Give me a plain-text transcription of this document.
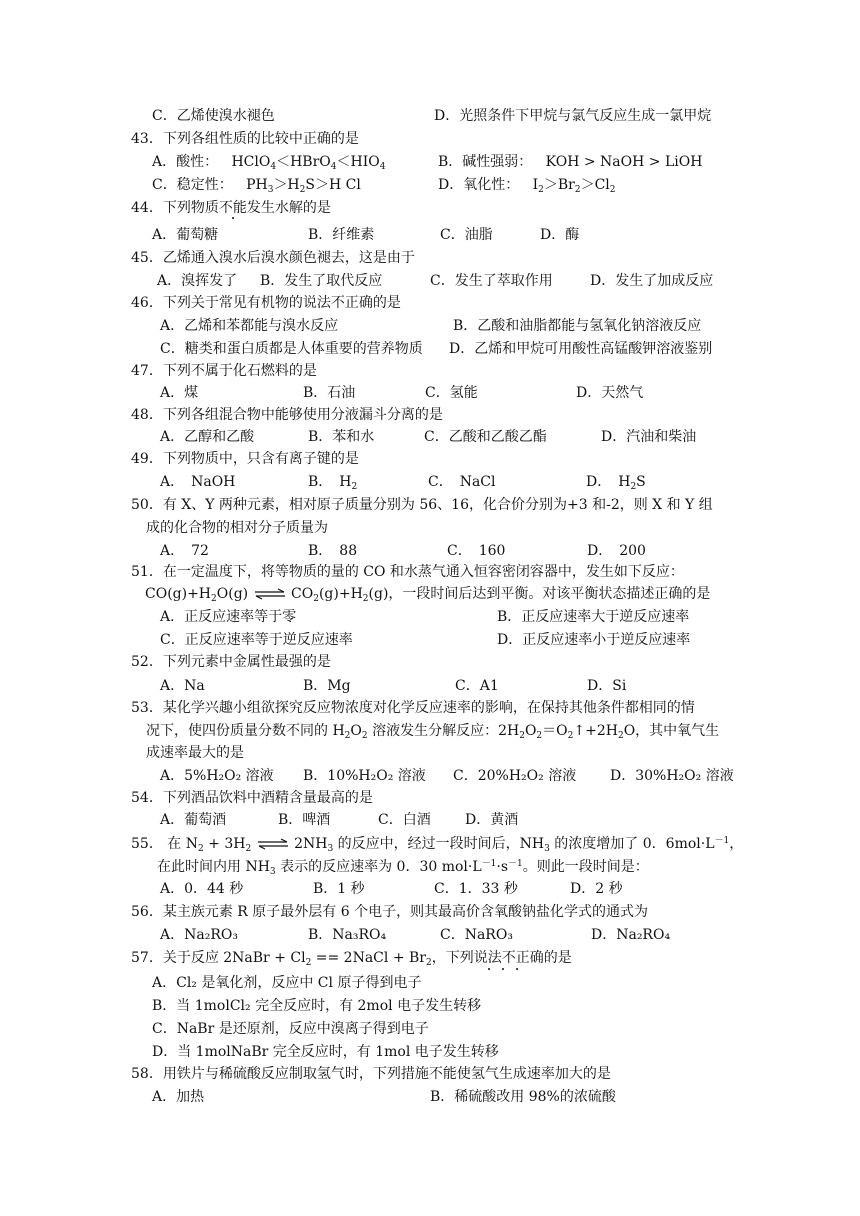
C．乙烯使溴水褪色	D．光照条件下甲烷与氯气反应生成一氯甲烷
43．下列各组性质的比较中正确的是
A．酸性：   $HClO_4<HBrO_4<HIO_4$	B．碱性强弱： KOH > NaOH > LiOH
C．稳定性：   $PH_3>H_2S>H$ Cl	D．氧化性：   $I_2>Br_2>Cl_2$
44．下列物质不能发生水解的是
A．葡萄糖	B．纤维素	C．油脂	D．酶
45．乙烯通入溴水后溴水颜色褪去，这是由于
A．溴挥发了 B．发生了取代反应	C．发生了萃取作用	D．发生了加成反应
46．下列关于常见有机物的说法不正确的是
A．乙烯和苯都能与溴水反应	B．乙酸和油脂都能与氢氧化钠溶液反应
C．糖类和蛋白质都是人体重要的营养物质 D．乙烯和甲烷可用酸性高锰酸钾溶液鉴别
47．下列不属于化石燃料的是
A．煤	B．石油	C．氢能	D．天然气
48．下列各组混合物中能够使用分液漏斗分离的是
A．乙醇和乙酸	B．苯和水	C．乙酸和乙酸乙酯	D．汽油和柴油
49．下列物质中，只含有离子键的是
A．　NaOH	B．　$H_2$	C．　NaCl	D．　$H_2S$
50．有 X、Y 两种元素，相对原子质量分别为 56、16，化合价分别为+3 和-2，则 X 和 Y 组
成的化合物的相对分子质量为
A．　72	B．　88	C．　160	D．　200
51．在一定温度下，将等物质的量的 CO 和水蒸气通入恒容密闭容器中，发生如下反应：
$CO(g)+H_2O(g)$ ⇌ $CO_2(g)+H_2(g)$，一段时间后达到平衡。对该平衡状态描述正确的是
A．正反应速率等于零	B．正反应速率大于逆反应速率
C．正反应速率等于逆反应速率	D．正反应速率小于逆反应速率
52．下列元素中金属性最强的是
A．Na	B．Mg	C．A1	D．Si
53．某化学兴趣小组欲探究反应物浓度对化学反应速率的影响，在保持其他条件都相同的情
况下，使四份质量分数不同的 $H_2O_2$ 溶液发生分解反应：$2H_2O_2=O_2↑+2H_2O$，其中氧气生
成速率最大的是
A．5%H₂O₂ 溶液 B．10%H₂O₂ 溶液 C．20%H₂O₂ 溶液 D．30%H₂O₂ 溶液
54．下列酒品饮料中酒精含量最高的是
A．葡萄酒	B．啤酒	C．白酒 D．黄酒
55． 在 $N_2 + 3H_2$ ⇌ $2NH_3$ 的反应中，经过一段时间后，$NH_3$ 的浓度增加了 0．$6mol\cdot L^{-1}$，
在此时间内用 $NH_3$ 表示的反应速率为 0．30 $mol\cdot L^{-1}\cdot s^{-1}$。则此一段时间是：
A．0．44 秒	B．1 秒	C．1．33 秒	D．2 秒
56．某主族元素 R 原子最外层有 6 个电子，则其最高价含氧酸钠盐化学式的通式为
A．Na₂RO₃	B．Na₃RO₄	C．NaRO₃	D．Na₂RO₄
57．关于反应 2NaBr + $Cl_2$ == 2NaCl + $Br_2$，下列说法不正确的是
A．Cl₂ 是氧化剂，反应中 Cl 原子得到电子
B．当 1molCl₂ 完全反应时，有 2mol 电子发生转移
C．NaBr 是还原剂，反应中溴离子得到电子
D．当 1molNaBr 完全反应时，有 1mol 电子发生转移
58．用铁片与稀硫酸反应制取氢气时，下列措施不能使氢气生成速率加大的是
A．加热	B．稀硫酸改用 98%的浓硫酸
